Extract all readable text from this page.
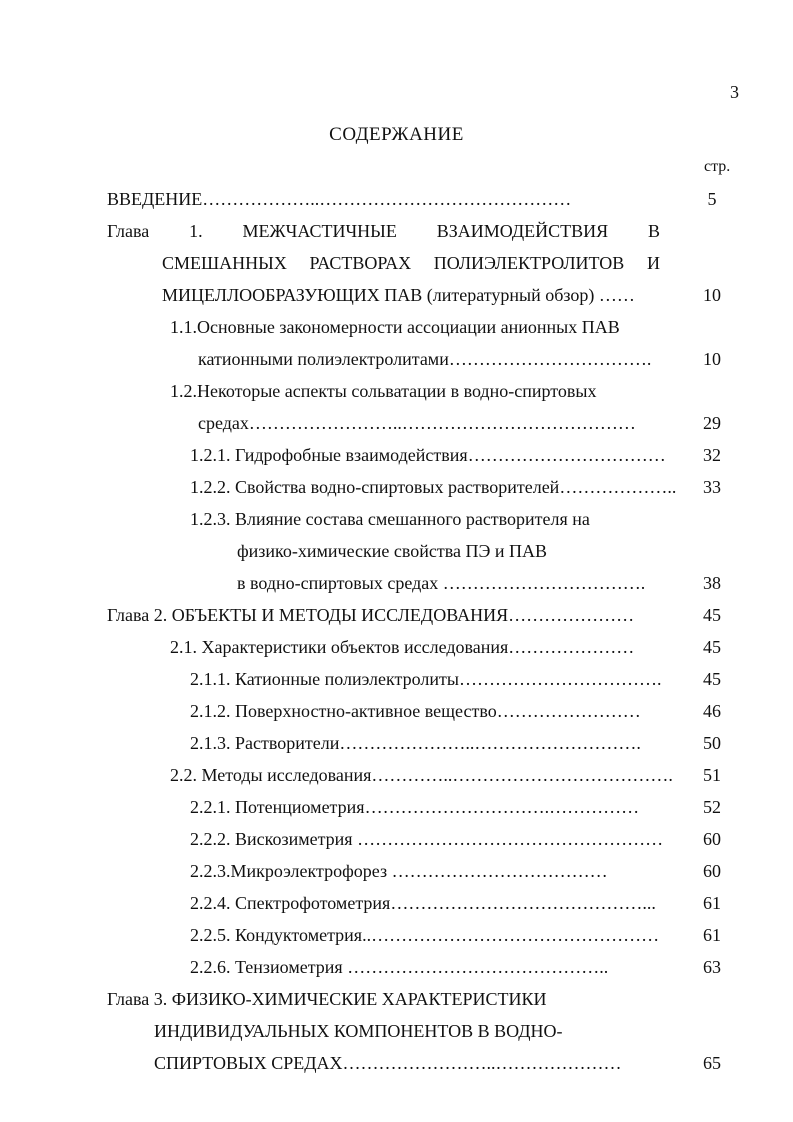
3
СОДЕРЖАНИЕ
стр.
ВВЕДЕНИЕ………………..……………………………………	5
Глава 1. МЕЖЧАСТИЧНЫЕ ВЗАИМОДЕЙСТВИЯ В
СМЕШАННЫХ РАСТВОРАХ ПОЛИЭЛЕКТРОЛИТОВ И
МИЦЕЛЛООБРАЗУЮЩИХ ПАВ (литературный обзор) ……	10
1.1.Основные закономерности ассоциации анионных ПАВ
катионными полиэлектролитами…………………………….	10
1.2.Некоторые аспекты сольватации в водно-спиртовых
средах……………………..…………………………………	29
1.2.1. Гидрофобные взаимодействия……………………………	32
1.2.2. Свойства водно-спиртовых растворителей………………..	33
1.2.3. Влияние состава смешанного растворителя на
физико-химические свойства ПЭ и ПАВ
в водно-спиртовых средах …………………………….	38
Глава 2. ОБЪЕКТЫ И МЕТОДЫ ИССЛЕДОВАНИЯ…………………	45
2.1. Характеристики объектов исследования…………………	45
2.1.1. Катионные полиэлектролиты…………………………….	45
2.1.2. Поверхностно-активное вещество……………………	46
2.1.3. Растворители…………………..……………………….	50
2.2. Методы исследования…………..……………………………….	51
2.2.1. Потенциометрия………………………….……………	52
2.2.2. Вискозиметрия ……………………………………………	60
2.2.3.Микроэлектрофорез ………………………………	60
2.2.4. Спектрофотометрия……………………………………...	61
2.2.5. Кондуктометрия..…………………………………………	61
2.2.6. Тензиометрия ……………………………………..	63
Глава 3. ФИЗИКО-ХИМИЧЕСКИЕ ХАРАКТЕРИСТИКИ
ИНДИВИДУАЛЬНЫХ КОМПОНЕНТОВ В ВОДНО-
СПИРТОВЫХ СРЕДАХ……………………..…………………	65
